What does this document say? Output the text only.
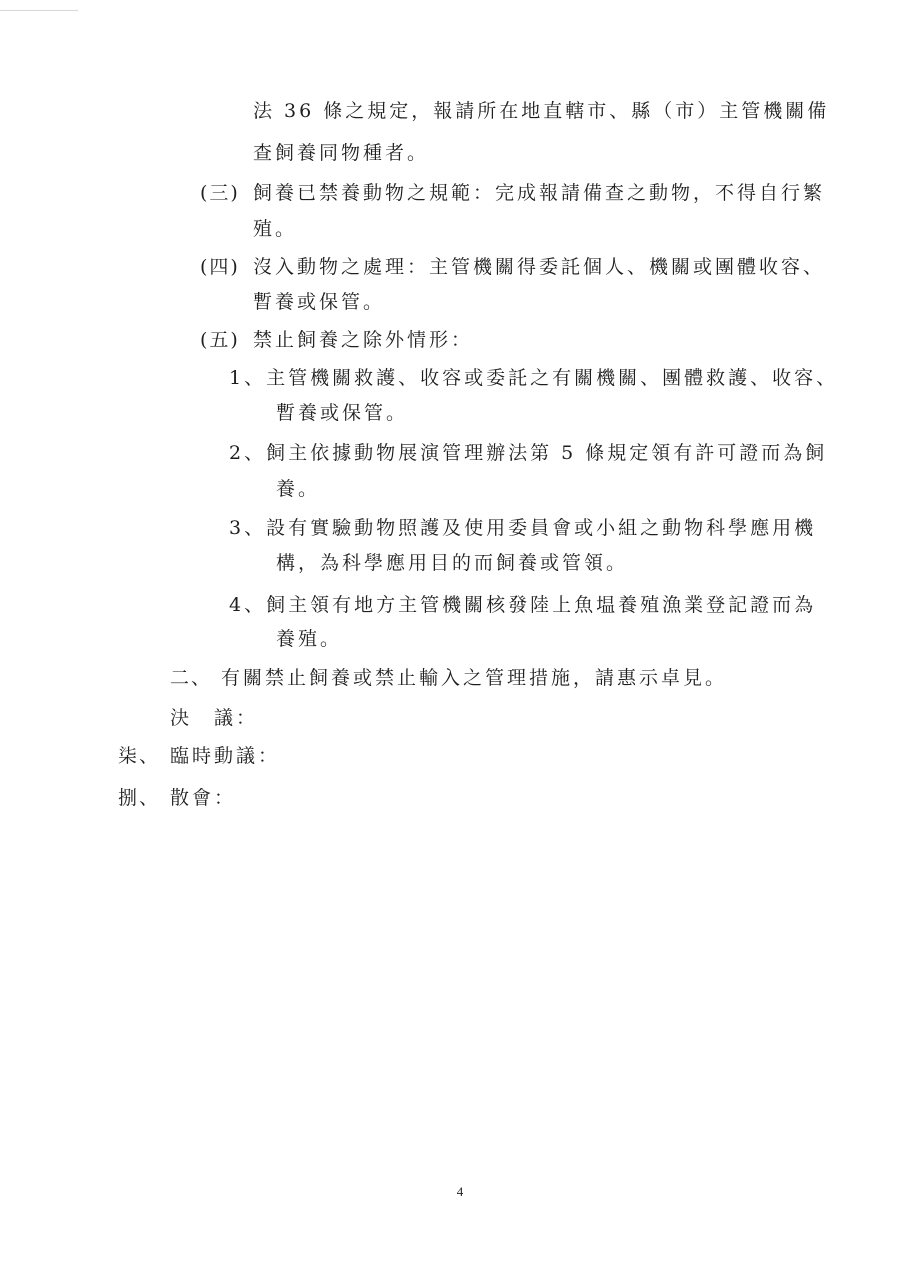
法 36 條之規定，報請所在地直轄市、縣（市）主管機關備
查飼養同物種者。
(三) 飼養已禁養動物之規範：完成報請備查之動物，不得自行繁
殖。
(四) 沒入動物之處理：主管機關得委託個人、機關或團體收容、
暫養或保管。
(五) 禁止飼養之除外情形：
1、主管機關救護、收容或委託之有關機關、團體救護、收容、
暫養或保管。
2、飼主依據動物展演管理辦法第 5 條規定領有許可證而為飼
養。
3、設有實驗動物照護及使用委員會或小組之動物科學應用機
構，為科學應用目的而飼養或管領。
4、飼主領有地方主管機關核發陸上魚塭養殖漁業登記證而為
養殖。
二、 有關禁止飼養或禁止輸入之管理措施，請惠示卓見。
決　議：
柒、 臨時動議：
捌、 散會：
4
